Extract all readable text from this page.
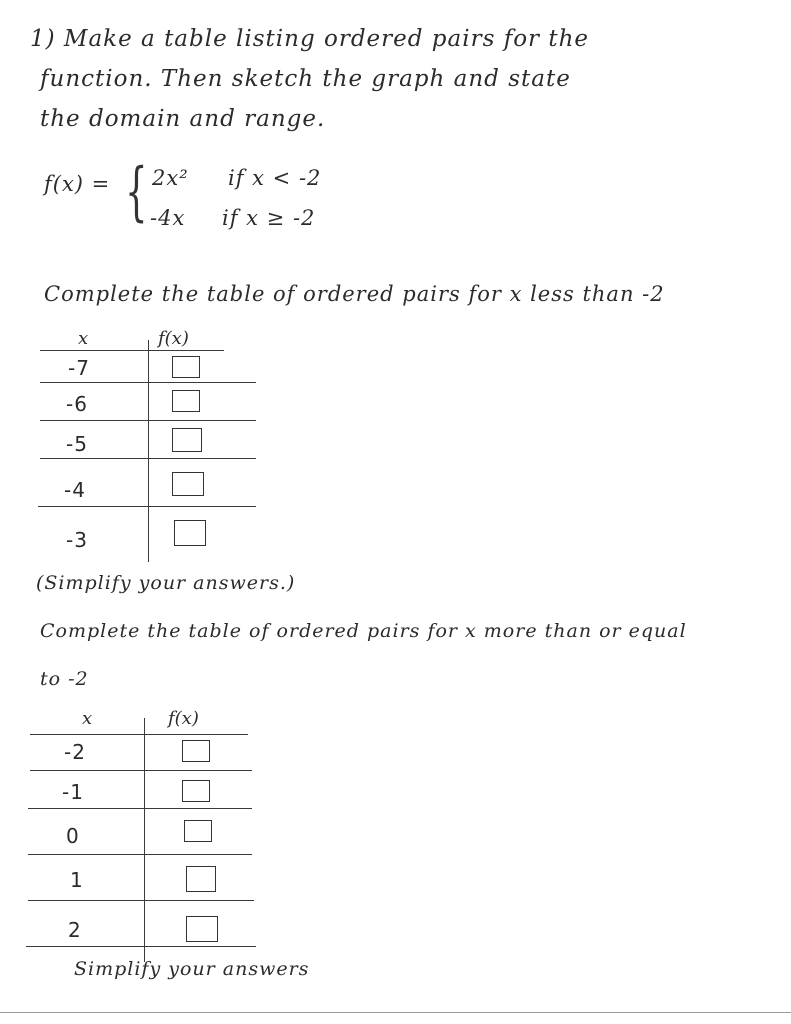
1) Make a table listing ordered pairs for the
function. Then sketch the graph and state
the domain and range.
f(x) = { 2x² if x < -2
-4x if x ≥ -2
Complete the table of ordered pairs for x less than -2
x	f(x)
-7
-6
-5
-4
-3
(Simplify your answers.)
Complete the table of ordered pairs for x more than or equal
to -2
x	f(x)
-2
-1
0
1
2
Simplify your answers
